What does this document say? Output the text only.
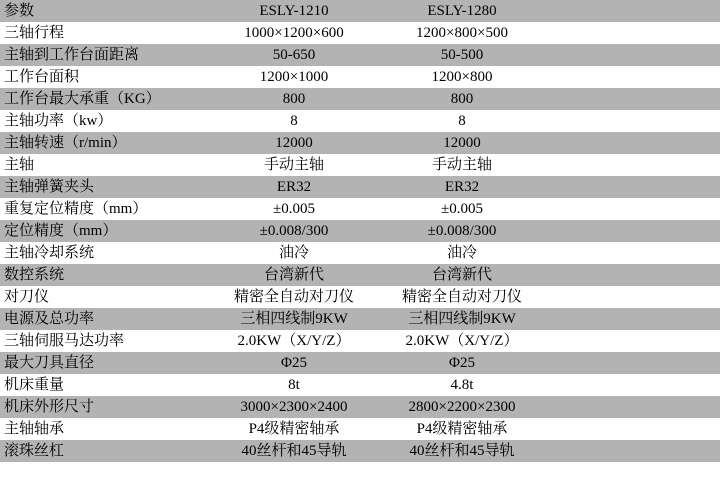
参数	ESLY-1210	ESLY-1280	
三轴行程	1000×1200×600	1200×800×500	
主轴到工作台面距离	50-650	50-500	
工作台面积	1200×1000	1200×800	
工作台最大承重（KG）	800	800	
主轴功率（kw）	8	8	
主轴转速（r/min）	12000	12000	
主轴	手动主轴	手动主轴	
主轴弹簧夹头	ER32	ER32	
重复定位精度（mm）	±0.005	±0.005	
定位精度（mm）	±0.008/300	±0.008/300	
主轴冷却系统	油冷	油冷	
数控系统	台湾新代	台湾新代	
对刀仪	精密全自动对刀仪	精密全自动对刀仪	
电源及总功率	三相四线制9KW	三相四线制9KW	
三轴伺服马达功率	2.0KW（X/Y/Z）	2.0KW（X/Y/Z）	
最大刀具直径	Φ25	Φ25	
机床重量	8t	4.8t	
机床外形尺寸	3000×2300×2400	2800×2200×2300	
主轴轴承	P4级精密轴承	P4级精密轴承	
滚珠丝杠	40丝杆和45导轨	40丝杆和45导轨	
